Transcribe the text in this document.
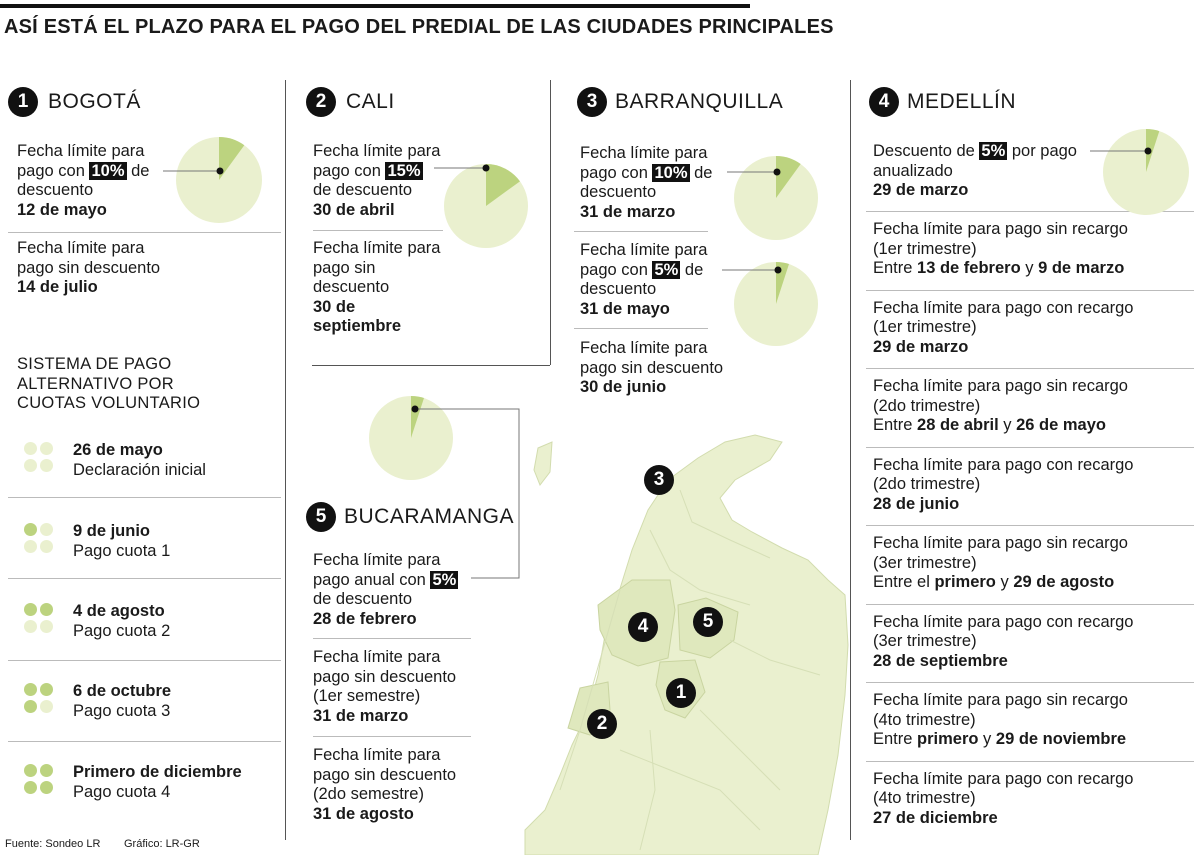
ASÍ ESTÁ EL PLAZO PARA EL PAGO DEL PREDIAL DE LAS CIUDADES PRINCIPALES
1 BOGOTÁ
Fecha límite para
pago con 10% de
descuento
12 de mayo
Fecha límite para
pago sin descuento
14 de julio
SISTEMA DE PAGO
ALTERNATIVO POR
CUOTAS VOLUNTARIO
26 de mayo
Declaración inicial
9 de junio
Pago cuota 1
4 de agosto
Pago cuota 2
6 de octubre
Pago cuota 3
Primero de diciembre
Pago cuota 4
2 CALI
Fecha límite para
pago con 15%
de descuento
30 de abril
Fecha límite para
pago sin
descuento
30 de
septiembre
3 BARRANQUILLA
Fecha límite para
pago con 10% de
descuento
31 de marzo
Fecha límite para
pago con 5% de
descuento
31 de mayo
Fecha límite para
pago sin descuento
30 de junio
4 MEDELLÍN
Descuento de 5% por pago
anualizado
29 de marzo
Fecha límite para pago sin recargo
(1er trimestre)
Entre 13 de febrero y 9 de marzo
Fecha límite para pago con recargo
(1er trimestre)
29 de marzo
Fecha límite para pago sin recargo
(2do trimestre)
Entre 28 de abril y 26 de mayo
Fecha límite para pago con recargo
(2do trimestre)
28 de junio
Fecha límite para pago sin recargo
(3er trimestre)
Entre el primero y 29 de agosto
Fecha límite para pago con recargo
(3er trimestre)
28 de septiembre
Fecha límite para pago sin recargo
(4to trimestre)
Entre primero y 29 de noviembre
Fecha límite para pago con recargo
(4to trimestre)
27 de diciembre
5 BUCARAMANGA
Fecha límite para
pago anual con 5%
de descuento
28 de febrero
Fecha límite para
pago sin descuento
(1er semestre)
31 de marzo
Fecha límite para
pago sin descuento
(2do semestre)
31 de agosto
1
2
3
4	5
Fuente: Sondeo LR Gráfico: LR-GR
